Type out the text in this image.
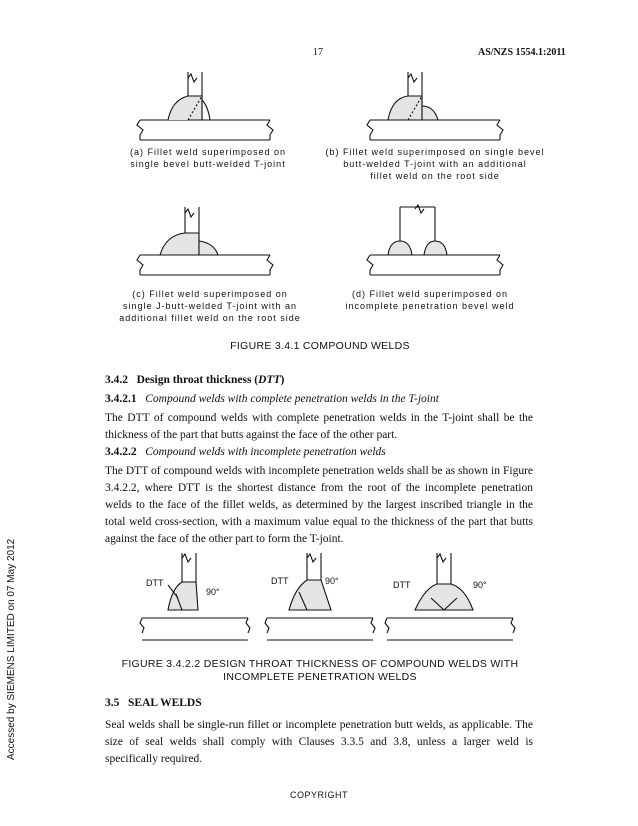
17	AS/NZS 1554.1:2011
Accessed by SIEMENS LIMITED on 07 May 2012
(a) Fillet weld superimposed on
single bevel butt-welded T-joint
(b) Fillet weld superimposed on single bevel
butt-welded T-joint with an additional
fillet weld on the root side
(c) Fillet weld superimposed on
single J-butt-welded T-joint with an
additional fillet weld on the root side
(d) Fillet weld superimposed on
incomplete penetration bevel weld
FIGURE 3.4.1 COMPOUND WELDS
3.4.2 Design throat thickness (DTT)
3.4.2.1 Compound welds with complete penetration welds in the T-joint
The DTT of compound welds with complete penetration welds in the T-joint shall be the thickness of the part that butts against the face of the other part.
3.4.2.2 Compound welds with incomplete penetration welds
The DTT of compound welds with incomplete penetration welds shall be as shown in Figure 3.4.2.2, where DTT is the shortest distance from the root of the incomplete penetration welds to the face of the fillet welds, as determined by the largest inscribed triangle in the total weld cross-section, with a maximum value equal to the thickness of the part that butts against the face of the other part to form the T-joint.
DTT
90°
DTT	90°	DTT	90°
FIGURE 3.4.2.2 DESIGN THROAT THICKNESS OF COMPOUND WELDS WITH
INCOMPLETE PENETRATION WELDS
3.5 SEAL WELDS
Seal welds shall be single-run fillet or incomplete penetration butt welds, as applicable. The size of seal welds shall comply with Clauses 3.3.5 and 3.8, unless a larger weld is specifically required.
COPYRIGHT
